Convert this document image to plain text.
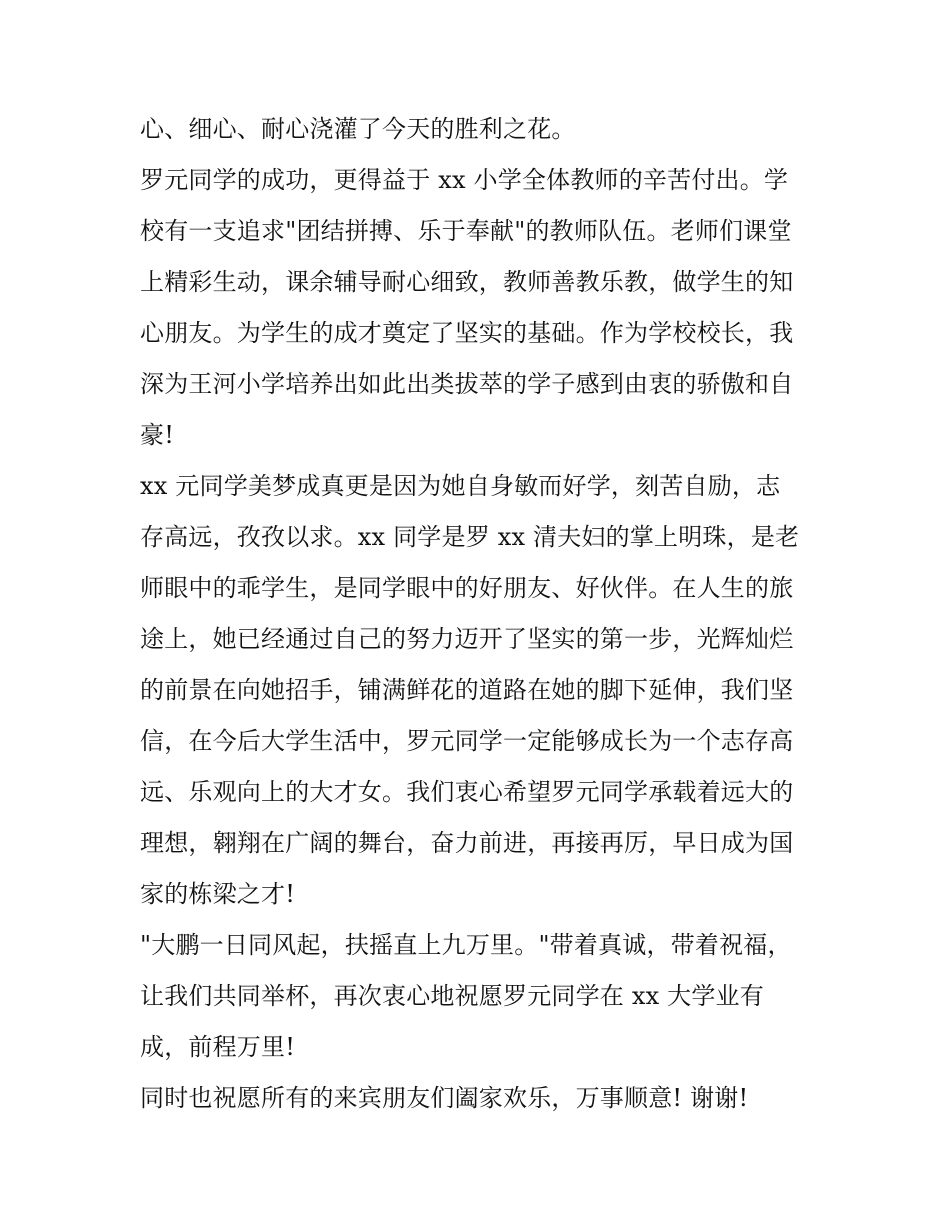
心、细心、耐心浇灌了今天的胜利之花。
罗元同学的成功，更得益于 xx 小学全体教师的辛苦付出。学
校有一支追求"团结拼搏、乐于奉献"的教师队伍。老师们课堂
上精彩生动，课余辅导耐心细致，教师善教乐教，做学生的知
心朋友。为学生的成才奠定了坚实的基础。作为学校校长，我
深为王河小学培养出如此出类拔萃的学子感到由衷的骄傲和自
豪!
xx 元同学美梦成真更是因为她自身敏而好学，刻苦自励，志
存高远，孜孜以求。xx 同学是罗 xx 清夫妇的掌上明珠，是老
师眼中的乖学生，是同学眼中的好朋友、好伙伴。在人生的旅
途上，她已经通过自己的努力迈开了坚实的第一步，光辉灿烂
的前景在向她招手，铺满鲜花的道路在她的脚下延伸，我们坚
信，在今后大学生活中，罗元同学一定能够成长为一个志存高
远、乐观向上的大才女。我们衷心希望罗元同学承载着远大的
理想，翱翔在广阔的舞台，奋力前进，再接再厉，早日成为国
家的栋梁之才!
"大鹏一日同风起，扶摇直上九万里。"带着真诚，带着祝福，
让我们共同举杯，再次衷心地祝愿罗元同学在 xx 大学业有
成，前程万里!
同时也祝愿所有的来宾朋友们阖家欢乐，万事顺意! 谢谢!
